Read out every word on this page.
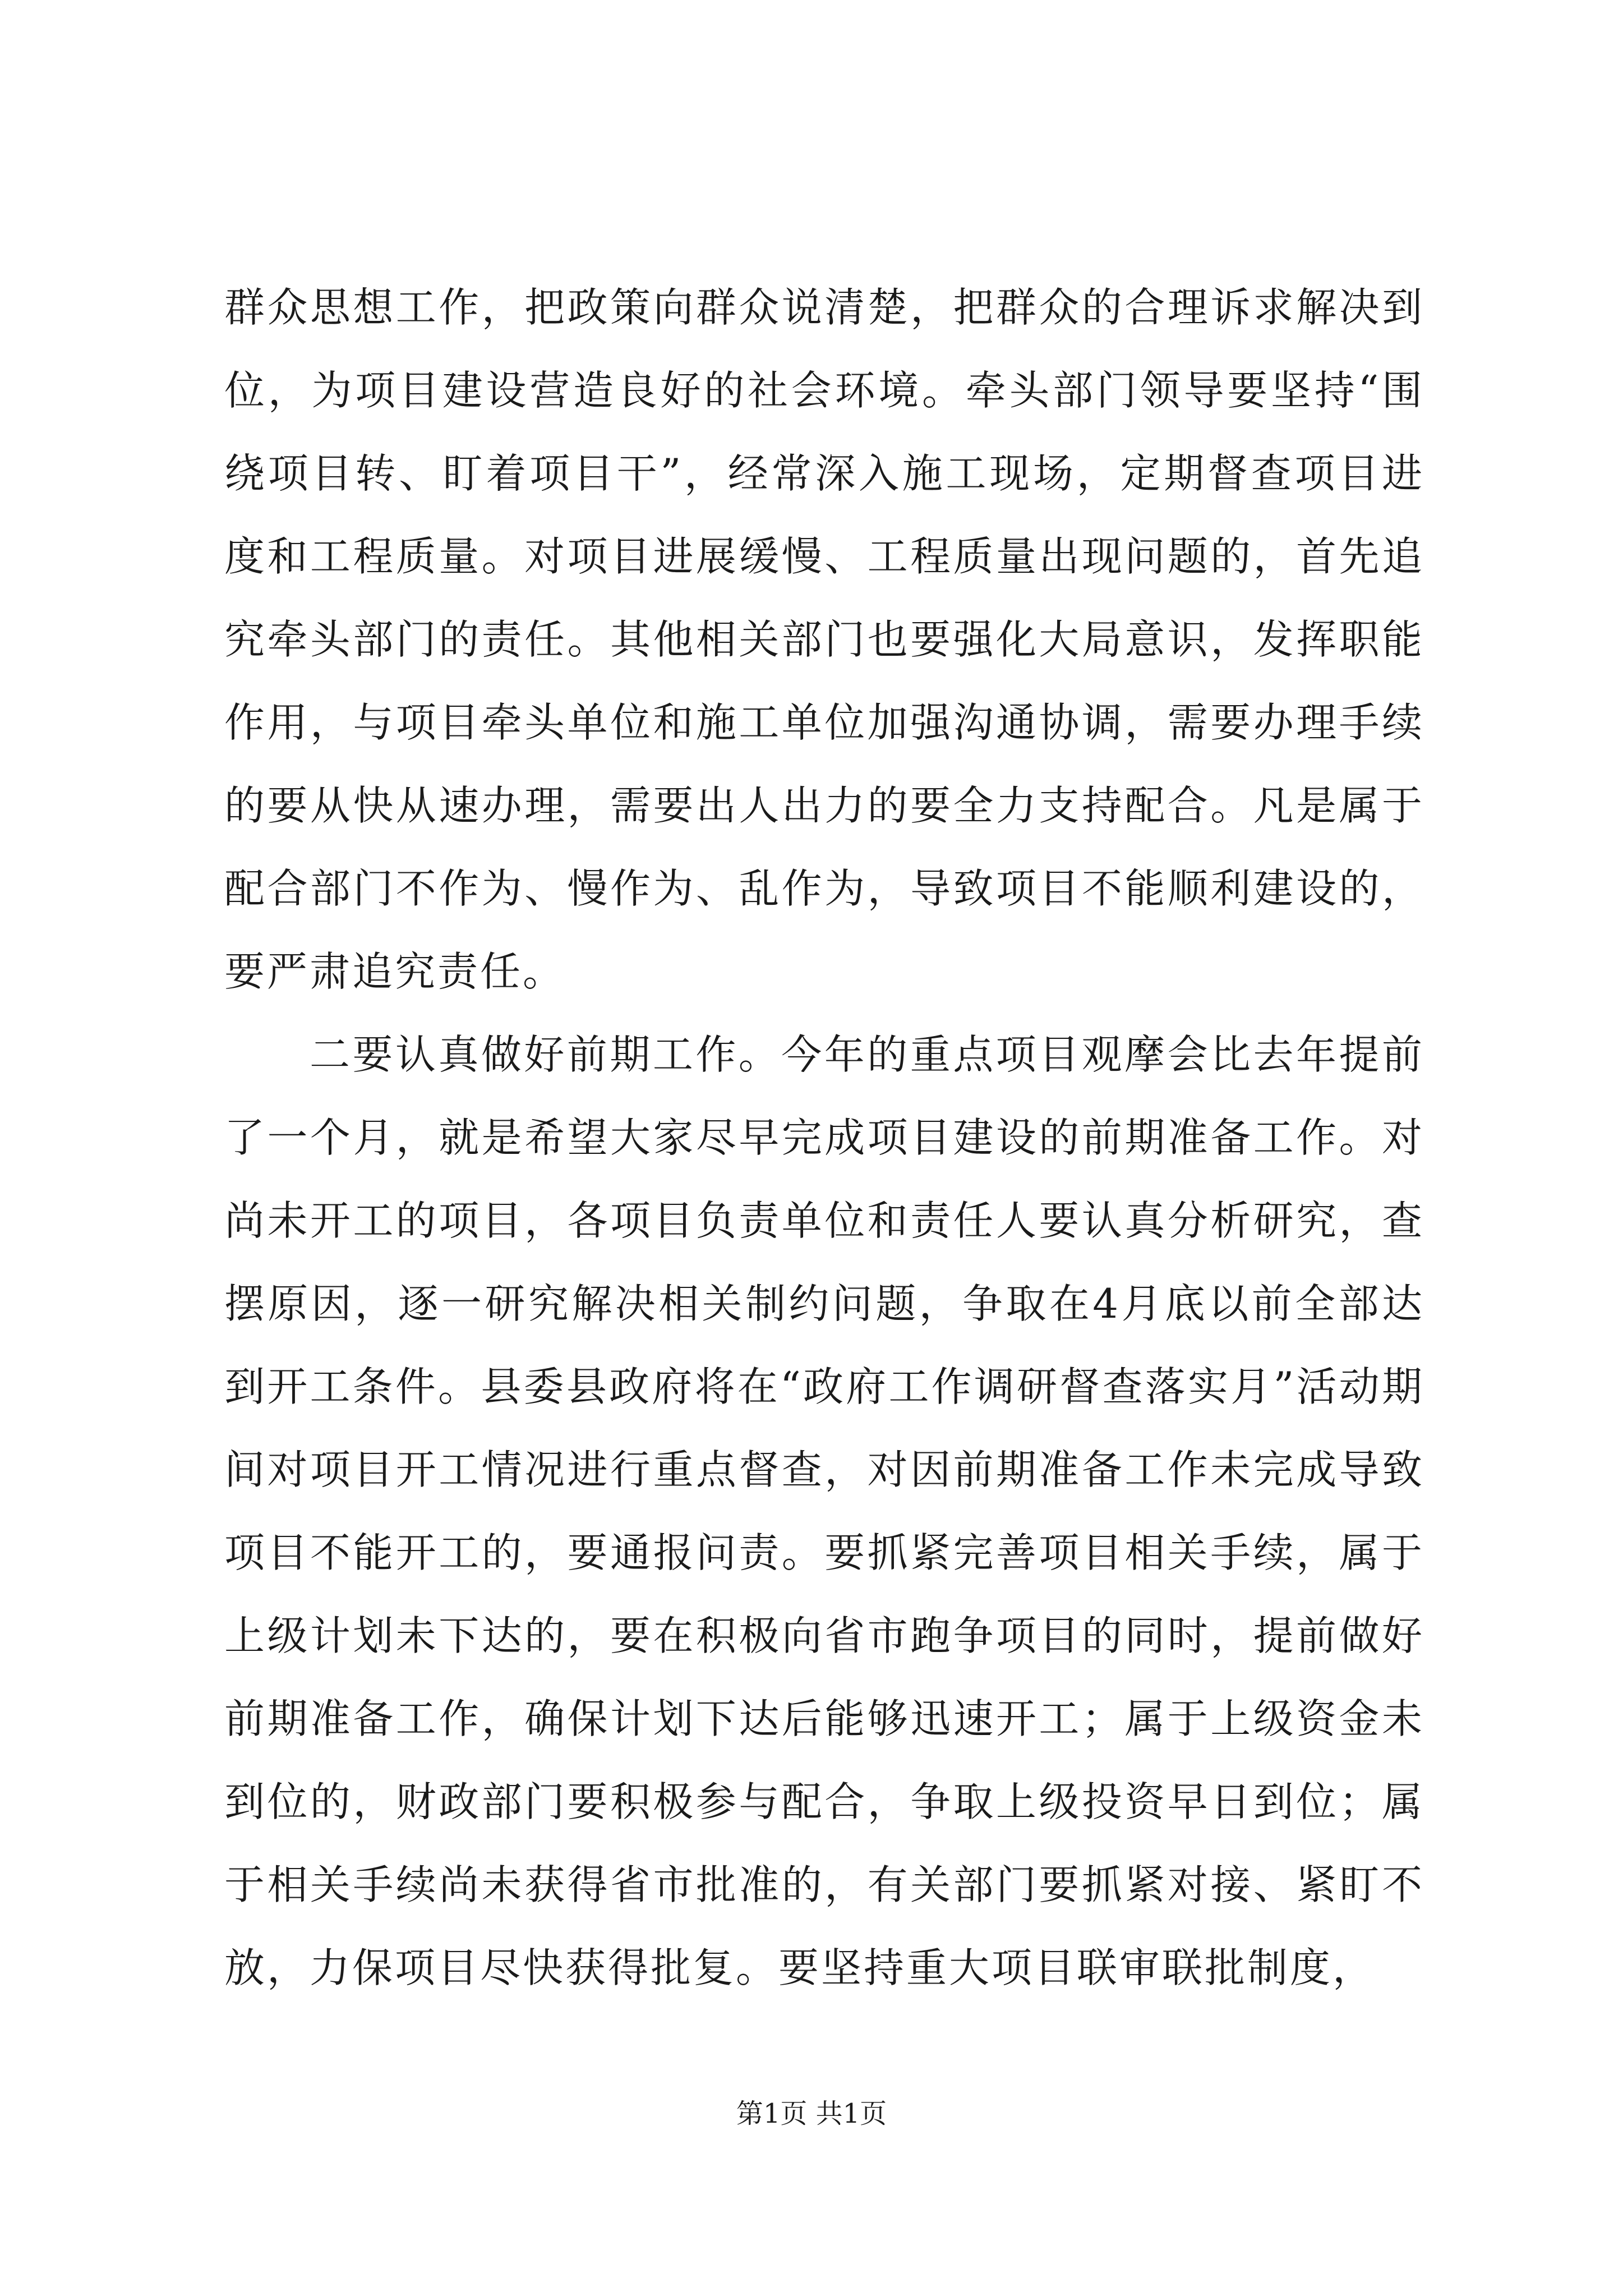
群众思想工作，把政策向群众说清楚，把群众的合理诉求解决到位，为项目建设营造良好的社会环境。牵头部门领导要坚持“围绕项目转、盯着项目干”，经常深入施工现场，定期督查项目进度和工程质量。对项目进展缓慢、工程质量出现问题的，首先追究牵头部门的责任。其他相关部门也要强化大局意识，发挥职能作用，与项目牵头单位和施工单位加强沟通协调，需要办理手续的要从快从速办理，需要出人出力的要全力支持配合。凡是属于配合部门不作为、慢作为、乱作为，导致项目不能顺利建设的，要严肃追究责任。

二要认真做好前期工作。今年的重点项目观摩会比去年提前了一个月，就是希望大家尽早完成项目建设的前期准备工作。对尚未开工的项目，各项目负责单位和责任人要认真分析研究，查摆原因，逐一研究解决相关制约问题，争取在4月底以前全部达到开工条件。县委县政府将在“政府工作调研督查落实月”活动期间对项目开工情况进行重点督查，对因前期准备工作未完成导致项目不能开工的，要通报问责。要抓紧完善项目相关手续，属于上级计划未下达的，要在积极向省市跑争项目的同时，提前做好前期准备工作，确保计划下达后能够迅速开工；属于上级资金未到位的，财政部门要积极参与配合，争取上级投资早日到位；属于相关手续尚未获得省市批准的，有关部门要抓紧对接、紧盯不放，力保项目尽快获得批复。要坚持重大项目联审联批制度，

第1页 共1页
